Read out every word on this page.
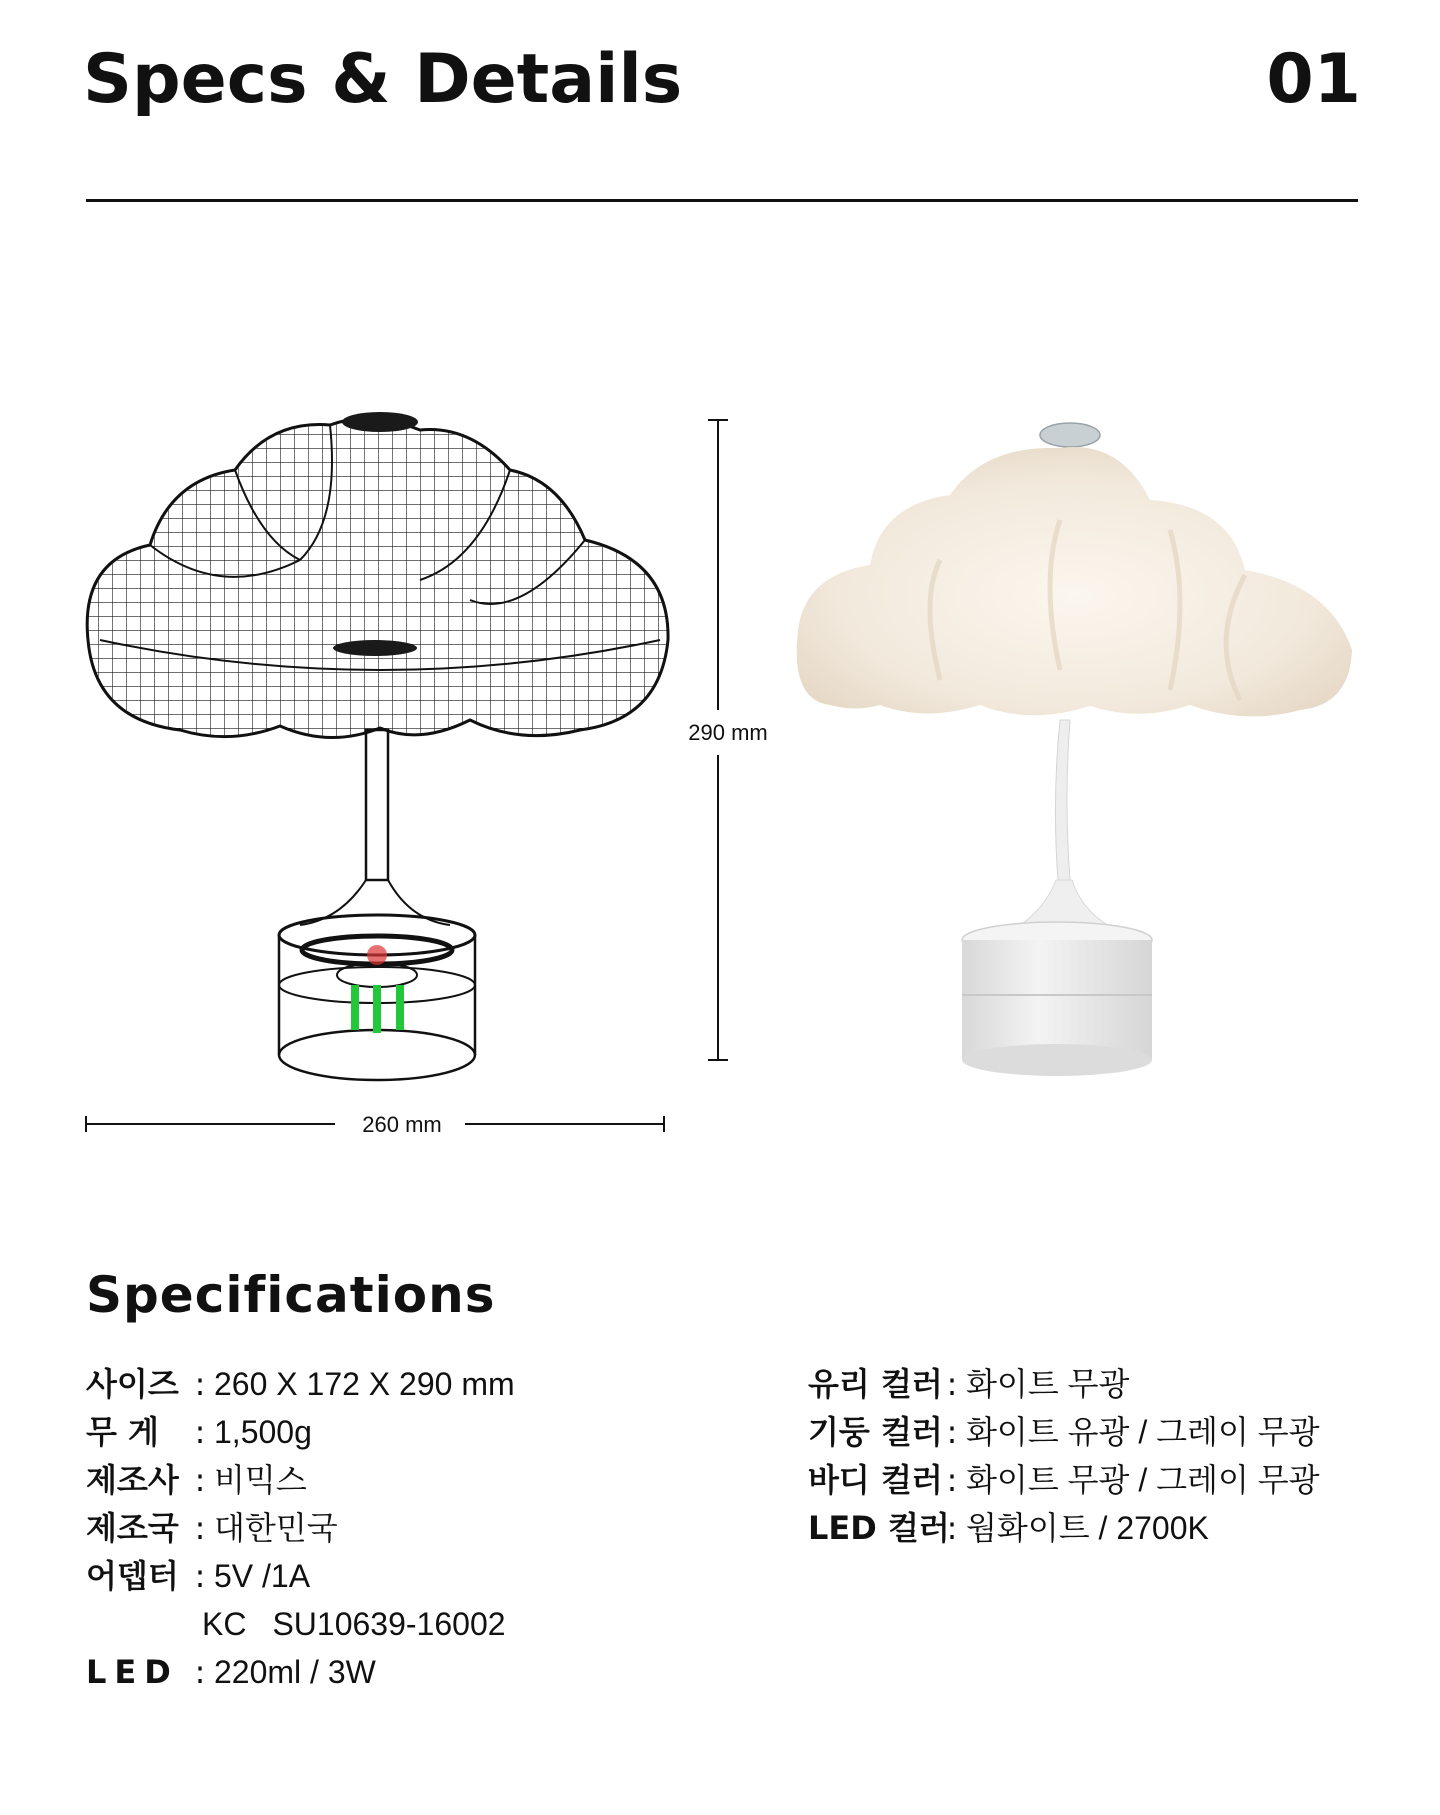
Specs & Details	01
290 mm
260 mm
Specifications
사이즈 : 260 X 172 X 290 mm
무 게	: 1,500g
제조사 : 비믹스
제조국 : 대한민국
어뎁터 : 5V /1A
KC SU10639-16002
LED : 220ml / 3W
유리 컬러 : 화이트 무광
기둥 컬러 : 화이트 유광 / 그레이 무광
바디 컬러 : 화이트 무광 / 그레이 무광
LED 컬러
: 웜화이트 / 2700K
